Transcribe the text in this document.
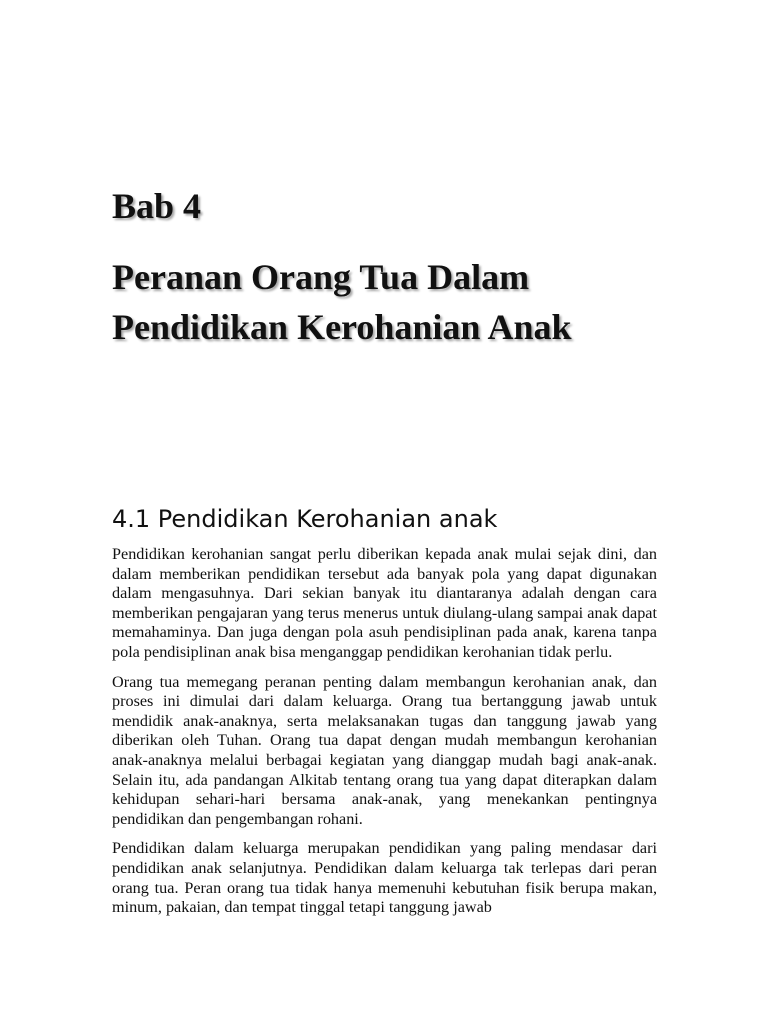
Bab 4
Peranan Orang Tua Dalam
Pendidikan Kerohanian Anak
4.1 Pendidikan Kerohanian anak

Pendidikan kerohanian sangat perlu diberikan kepada anak mulai sejak dini, dan dalam memberikan pendidikan tersebut ada banyak pola yang dapat digunakan dalam mengasuhnya. Dari sekian banyak itu diantaranya adalah dengan cara memberikan pengajaran yang terus menerus untuk diulang-ulang sampai anak dapat memahaminya. Dan juga dengan pola asuh pendisiplinan pada anak, karena tanpa pola pendisiplinan anak bisa menganggap pendidikan kerohanian tidak perlu.

Orang tua memegang peranan penting dalam membangun kerohanian anak, dan proses ini dimulai dari dalam keluarga. Orang tua bertanggung jawab untuk mendidik anak-anaknya, serta melaksanakan tugas dan tanggung jawab yang diberikan oleh Tuhan. Orang tua dapat dengan mudah membangun kerohanian anak-anaknya melalui berbagai kegiatan yang dianggap mudah bagi anak-anak. Selain itu, ada pandangan Alkitab tentang orang tua yang dapat diterapkan dalam kehidupan sehari-hari bersama anak-anak, yang menekankan pentingnya pendidikan dan pengembangan rohani.

Pendidikan dalam keluarga merupakan pendidikan yang paling mendasar dari pendidikan anak selanjutnya. Pendidikan dalam keluarga tak terlepas dari peran orang tua. Peran orang tua tidak hanya memenuhi kebutuhan fisik berupa makan, minum, pakaian, dan tempat tinggal tetapi tanggung jawab
